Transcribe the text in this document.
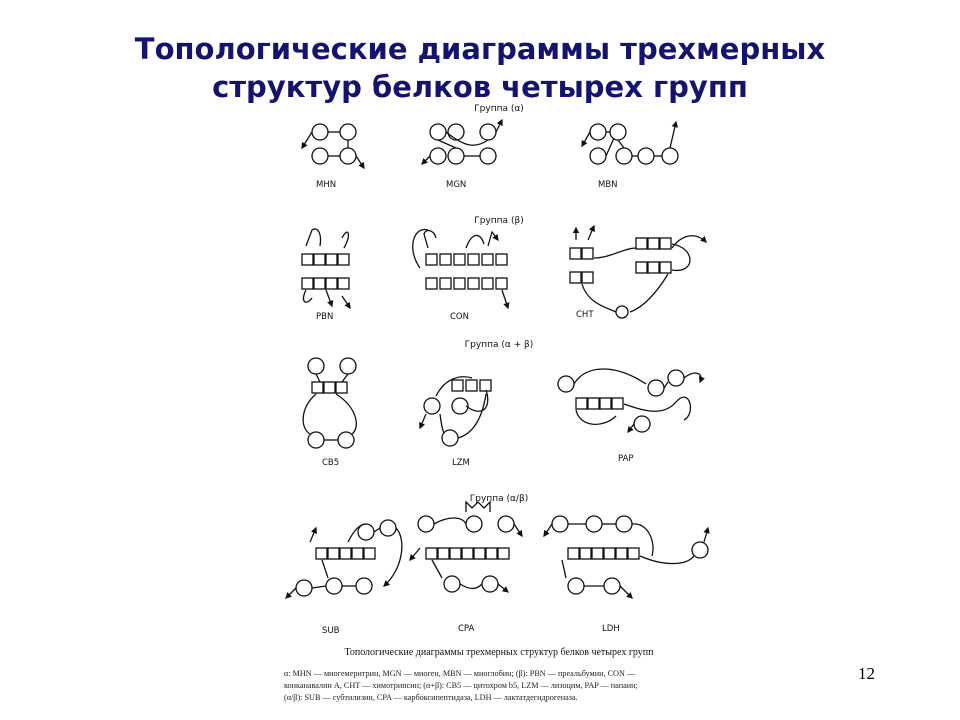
Топологические диаграммы трехмерных
структур белков четырех групп
Группа (α)
Группа (β)
Группа (α + β)
Группа (α/β)
MHN	MGN	MBN
PBN	CON	CHT
CB5	LZM	PAP
SUB	CPA	LDH
Топологические диаграммы трехмерных структур белков четырех групп
α: MHN — миогемеритрин, MGN — миоген, MBN — миоглобин; (β): PBN — преальбумин, CON —
конканавалин A, CHT — химотрипсин; (α+β): CB5 — цитохром b5, LZM — лизоцим, PAP — папаин;
(α/β): SUB — субтилизин, CPA — карбоксипептидаза, LDH — лактатдегидрогеназа.
12
